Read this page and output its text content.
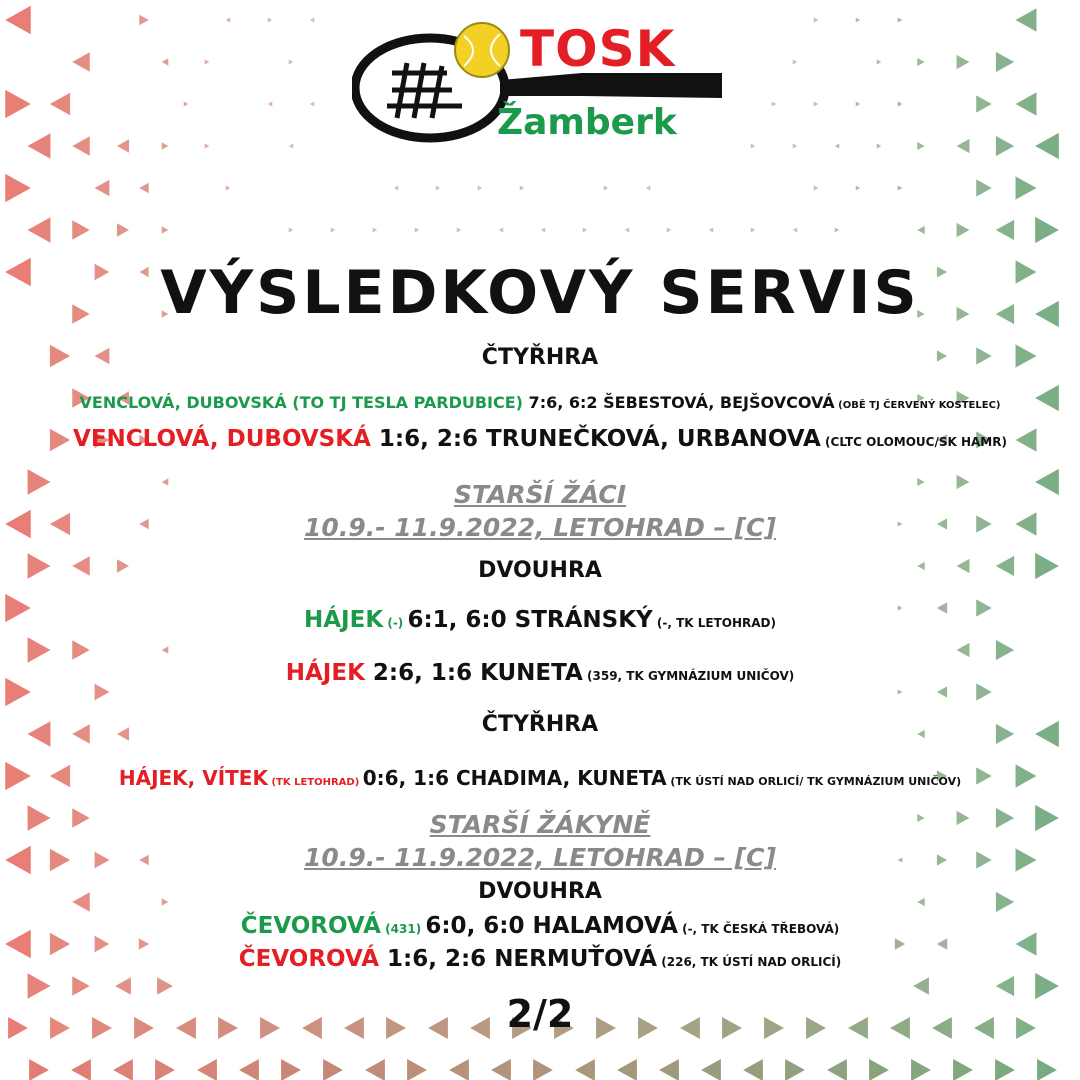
TOSK
Žamberk
VÝSLEDKOVÝ SERVIS
ČTYŘHRA
VENCLOVÁ, DUBOVSKÁ (TO TJ TESLA PARDUBICE) 7:6, 6:2 ŠEBESTOVÁ, BEJŠOVCOVÁ (OBĚ TJ ČERVENÝ KOSTELEC)
VENCLOVÁ, DUBOVSKÁ 1:6, 2:6 TRUNEČKOVÁ, URBANOVA (CLTC OLOMOUC/SK HAMR)
STARŠÍ ŽÁCI
10.9.- 11.9.2022, LETOHRAD – [C]
DVOUHRA
HÁJEK (-) 6:1, 6:0 STRÁNSKÝ (-, TK LETOHRAD)
HÁJEK 2:6, 1:6 KUNETA (359, TK GYMNÁZIUM UNIČOV)
ČTYŘHRA
HÁJEK, VÍTEK (TK LETOHRAD) 0:6, 1:6 CHADIMA, KUNETA (TK ÚSTÍ NAD ORLICÍ/ TK GYMNÁZIUM UNIČOV)
STARŠÍ ŽÁKYNĚ
10.9.- 11.9.2022, LETOHRAD – [C]
DVOUHRA
ČEVOROVÁ (431) 6:0, 6:0 HALAMOVÁ (-, TK ČESKÁ TŘEBOVÁ)
ČEVOROVÁ 1:6, 2:6 NERMUŤOVÁ (226, TK ÚSTÍ NAD ORLICÍ)
2/2
